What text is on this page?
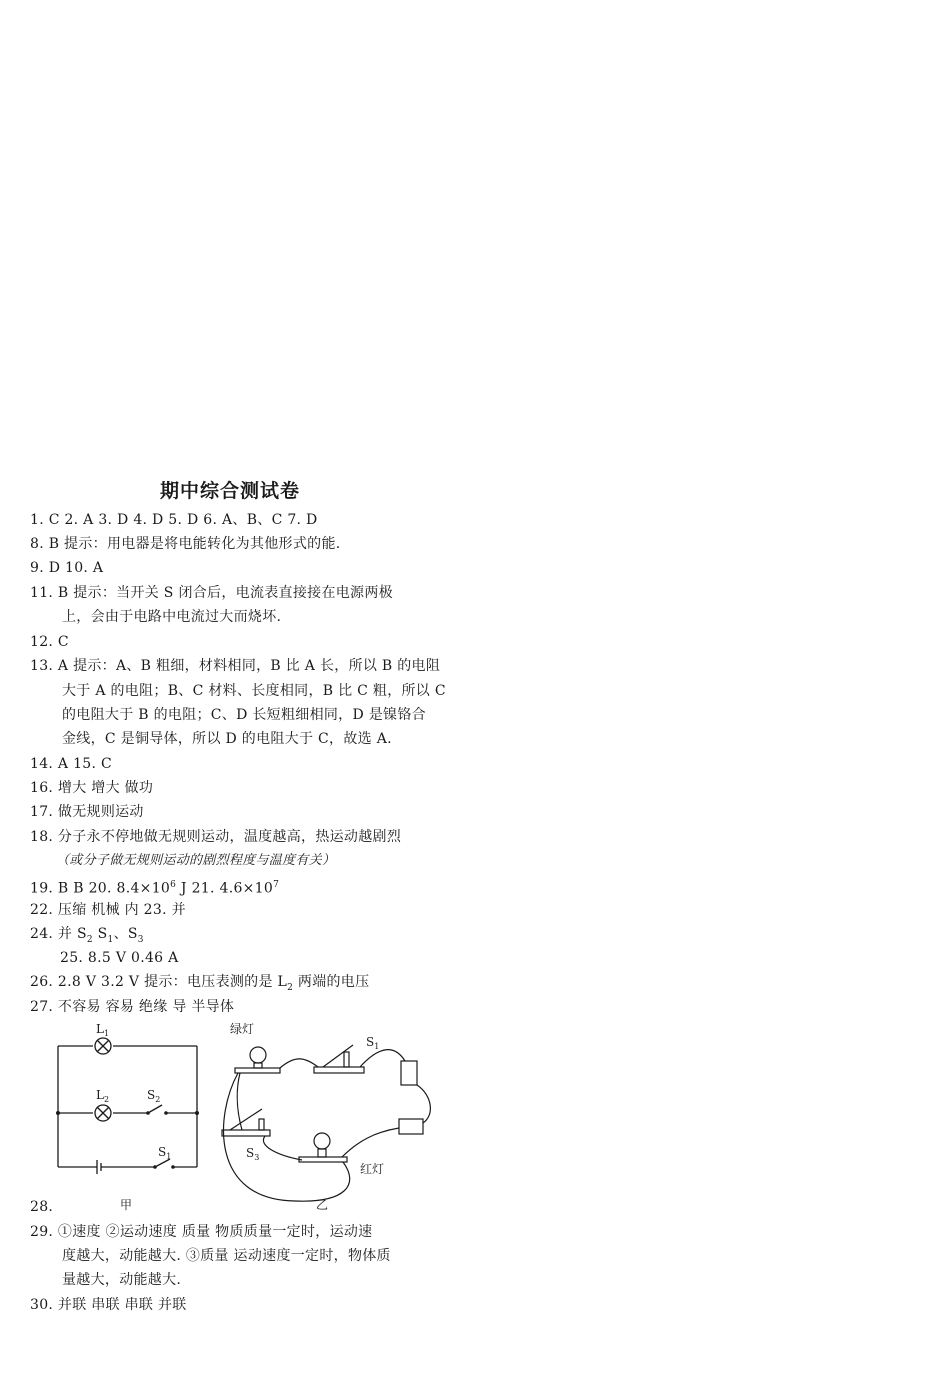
期中综合测试卷
1. C 2. A 3. D 4. D 5. D 6. A、B、C 7. D
8. B 提示：用电器是将电能转化为其他形式的能.
9. D 10. A
11. B 提示：当开关 S 闭合后，电流表直接接在电源两极
上，会由于电路中电流过大而烧坏.
12. C
13. A 提示：A、B 粗细，材料相同，B 比 A 长，所以 B 的电阻
大于 A 的电阻；B、C 材料、长度相同，B 比 C 粗，所以 C
的电阻大于 B 的电阻；C、D 长短粗细相同，D 是镍铬合
金线，C 是铜导体，所以 D 的电阻大于 C，故选 A.
14. A 15. C
16. 增大 增大 做功
17. 做无规则运动
18. 分子永不停地做无规则运动，温度越高，热运动越剧烈
（或分子做无规则运动的剧烈程度与温度有关）
19. B B 20. $8.4\times 10^6$ J 21. $4.6\times 10^7$
22. 压缩 机械 内 23. 并
24. 并 $S_2$ $S_1$、$S_3$
25. 8.5 V 0.46 A
26. 2.8 V 3.2 V 提示：电压表测的是 $L_2$ 两端的电压
27. 不容易 容易 绝缘 导 半导体
$L_1$
$L_2$	$S_2$
$S_1$
绿灯
$S_1$
$S_3$
红灯
甲	乙
28.
29. ①速度 ②运动速度 质量 物质质量一定时，运动速
度越大，动能越大. ③质量 运动速度一定时，物体质
量越大，动能越大.
30. 并联 串联 串联 并联
